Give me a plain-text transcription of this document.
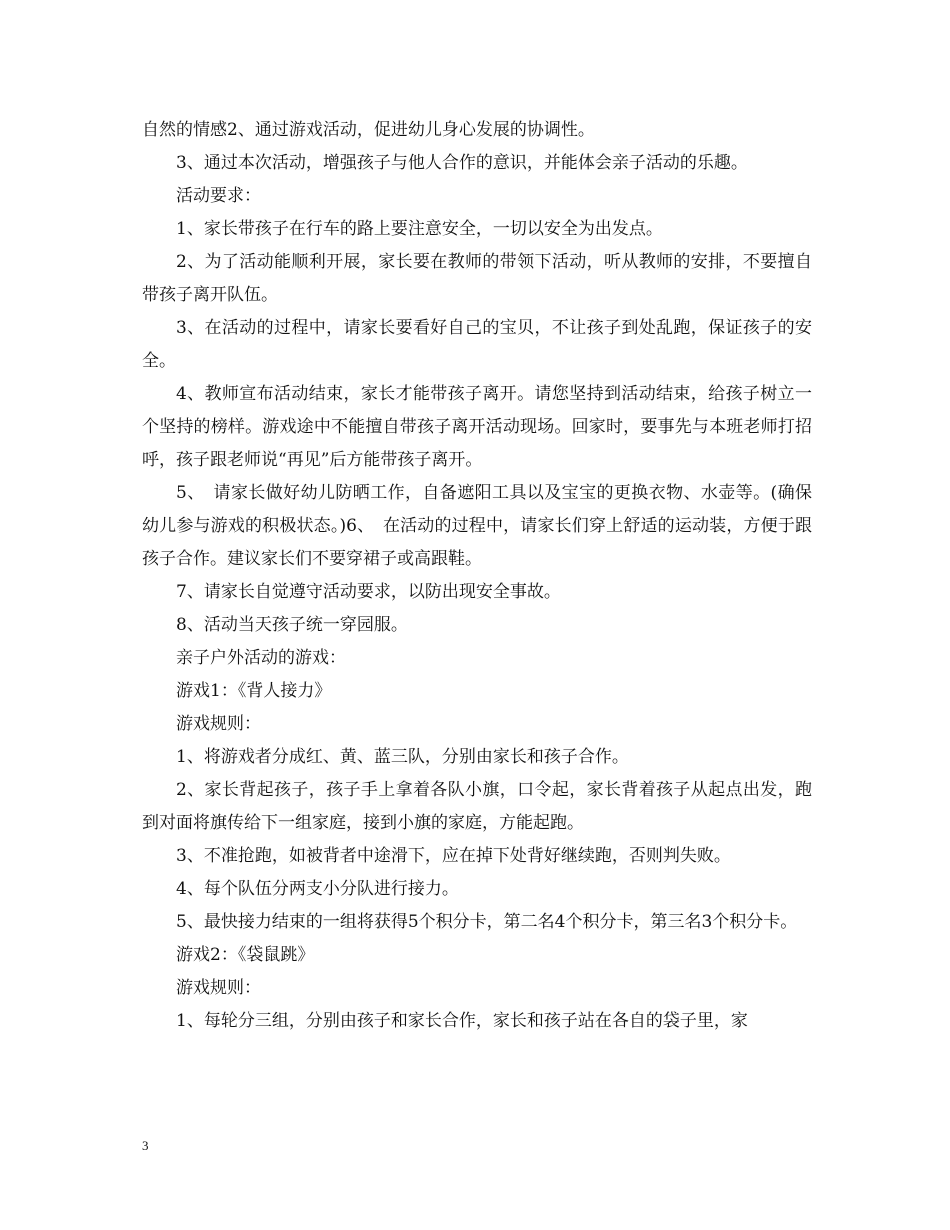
自然的情感2、通过游戏活动，促进幼儿身心发展的协调性。

3、通过本次活动，增强孩子与他人合作的意识，并能体会亲子活动的乐趣。

活动要求：

1、家长带孩子在行车的路上要注意安全，一切以安全为出发点。

2、为了活动能顺利开展，家长要在教师的带领下活动，听从教师的安排，不要擅自带孩子离开队伍。

3、在活动的过程中，请家长要看好自己的宝贝，不让孩子到处乱跑，保证孩子的安全。

4、教师宣布活动结束，家长才能带孩子离开。请您坚持到活动结束，给孩子树立一个坚持的榜样。游戏途中不能擅自带孩子离开活动现场。回家时，要事先与本班老师打招呼，孩子跟老师说“再见”后方能带孩子离开。

5、　请家长做好幼儿防晒工作，自备遮阳工具以及宝宝的更换衣物、水壶等。(确保幼儿参与游戏的积极状态。)6、　在活动的过程中，请家长们穿上舒适的运动装，方便于跟孩子合作。建议家长们不要穿裙子或高跟鞋。

7、请家长自觉遵守活动要求，以防出现安全事故。

8、活动当天孩子统一穿园服。

亲子户外活动的游戏：

游戏1：《背人接力》

游戏规则：

1、将游戏者分成红、黄、蓝三队，分别由家长和孩子合作。

2、家长背起孩子，孩子手上拿着各队小旗，口令起，家长背着孩子从起点出发，跑到对面将旗传给下一组家庭，接到小旗的家庭，方能起跑。

3、不准抢跑，如被背者中途滑下，应在掉下处背好继续跑，否则判失败。

4、每个队伍分两支小分队进行接力。

5、最快接力结束的一组将获得5个积分卡，第二名4个积分卡，第三名3个积分卡。

游戏2：《袋鼠跳》

游戏规则：

1、每轮分三组，分别由孩子和家长合作，家长和孩子站在各自的袋子里，家

3
